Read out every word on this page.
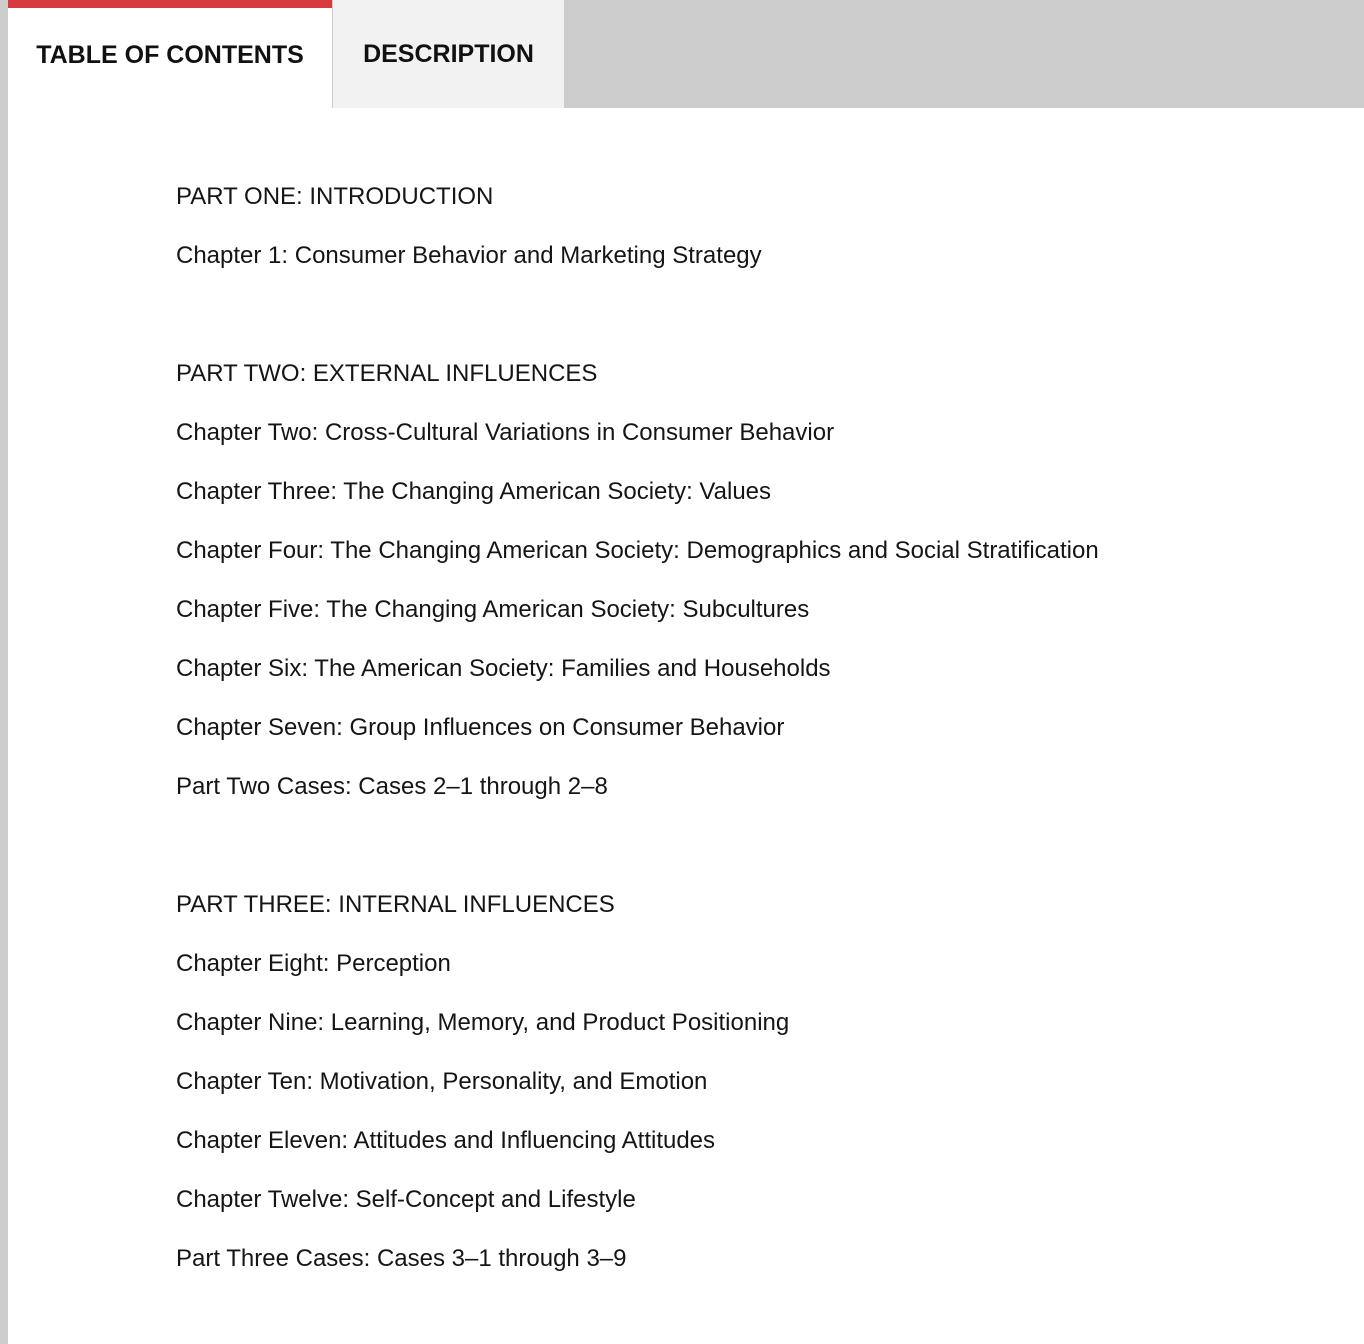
TABLE OF CONTENTS	DESCRIPTION
PART ONE: INTRODUCTION
Chapter 1: Consumer Behavior and Marketing Strategy
PART TWO: EXTERNAL INFLUENCES
Chapter Two: Cross-Cultural Variations in Consumer Behavior
Chapter Three: The Changing American Society: Values
Chapter Four: The Changing American Society: Demographics and Social Stratification
Chapter Five: The Changing American Society: Subcultures
Chapter Six: The American Society: Families and Households
Chapter Seven: Group Influences on Consumer Behavior
Part Two Cases: Cases 2–1 through 2–8
PART THREE: INTERNAL INFLUENCES
Chapter Eight: Perception
Chapter Nine: Learning, Memory, and Product Positioning
Chapter Ten: Motivation, Personality, and Emotion
Chapter Eleven: Attitudes and Influencing Attitudes
Chapter Twelve: Self-Concept and Lifestyle
Part Three Cases: Cases 3–1 through 3–9
